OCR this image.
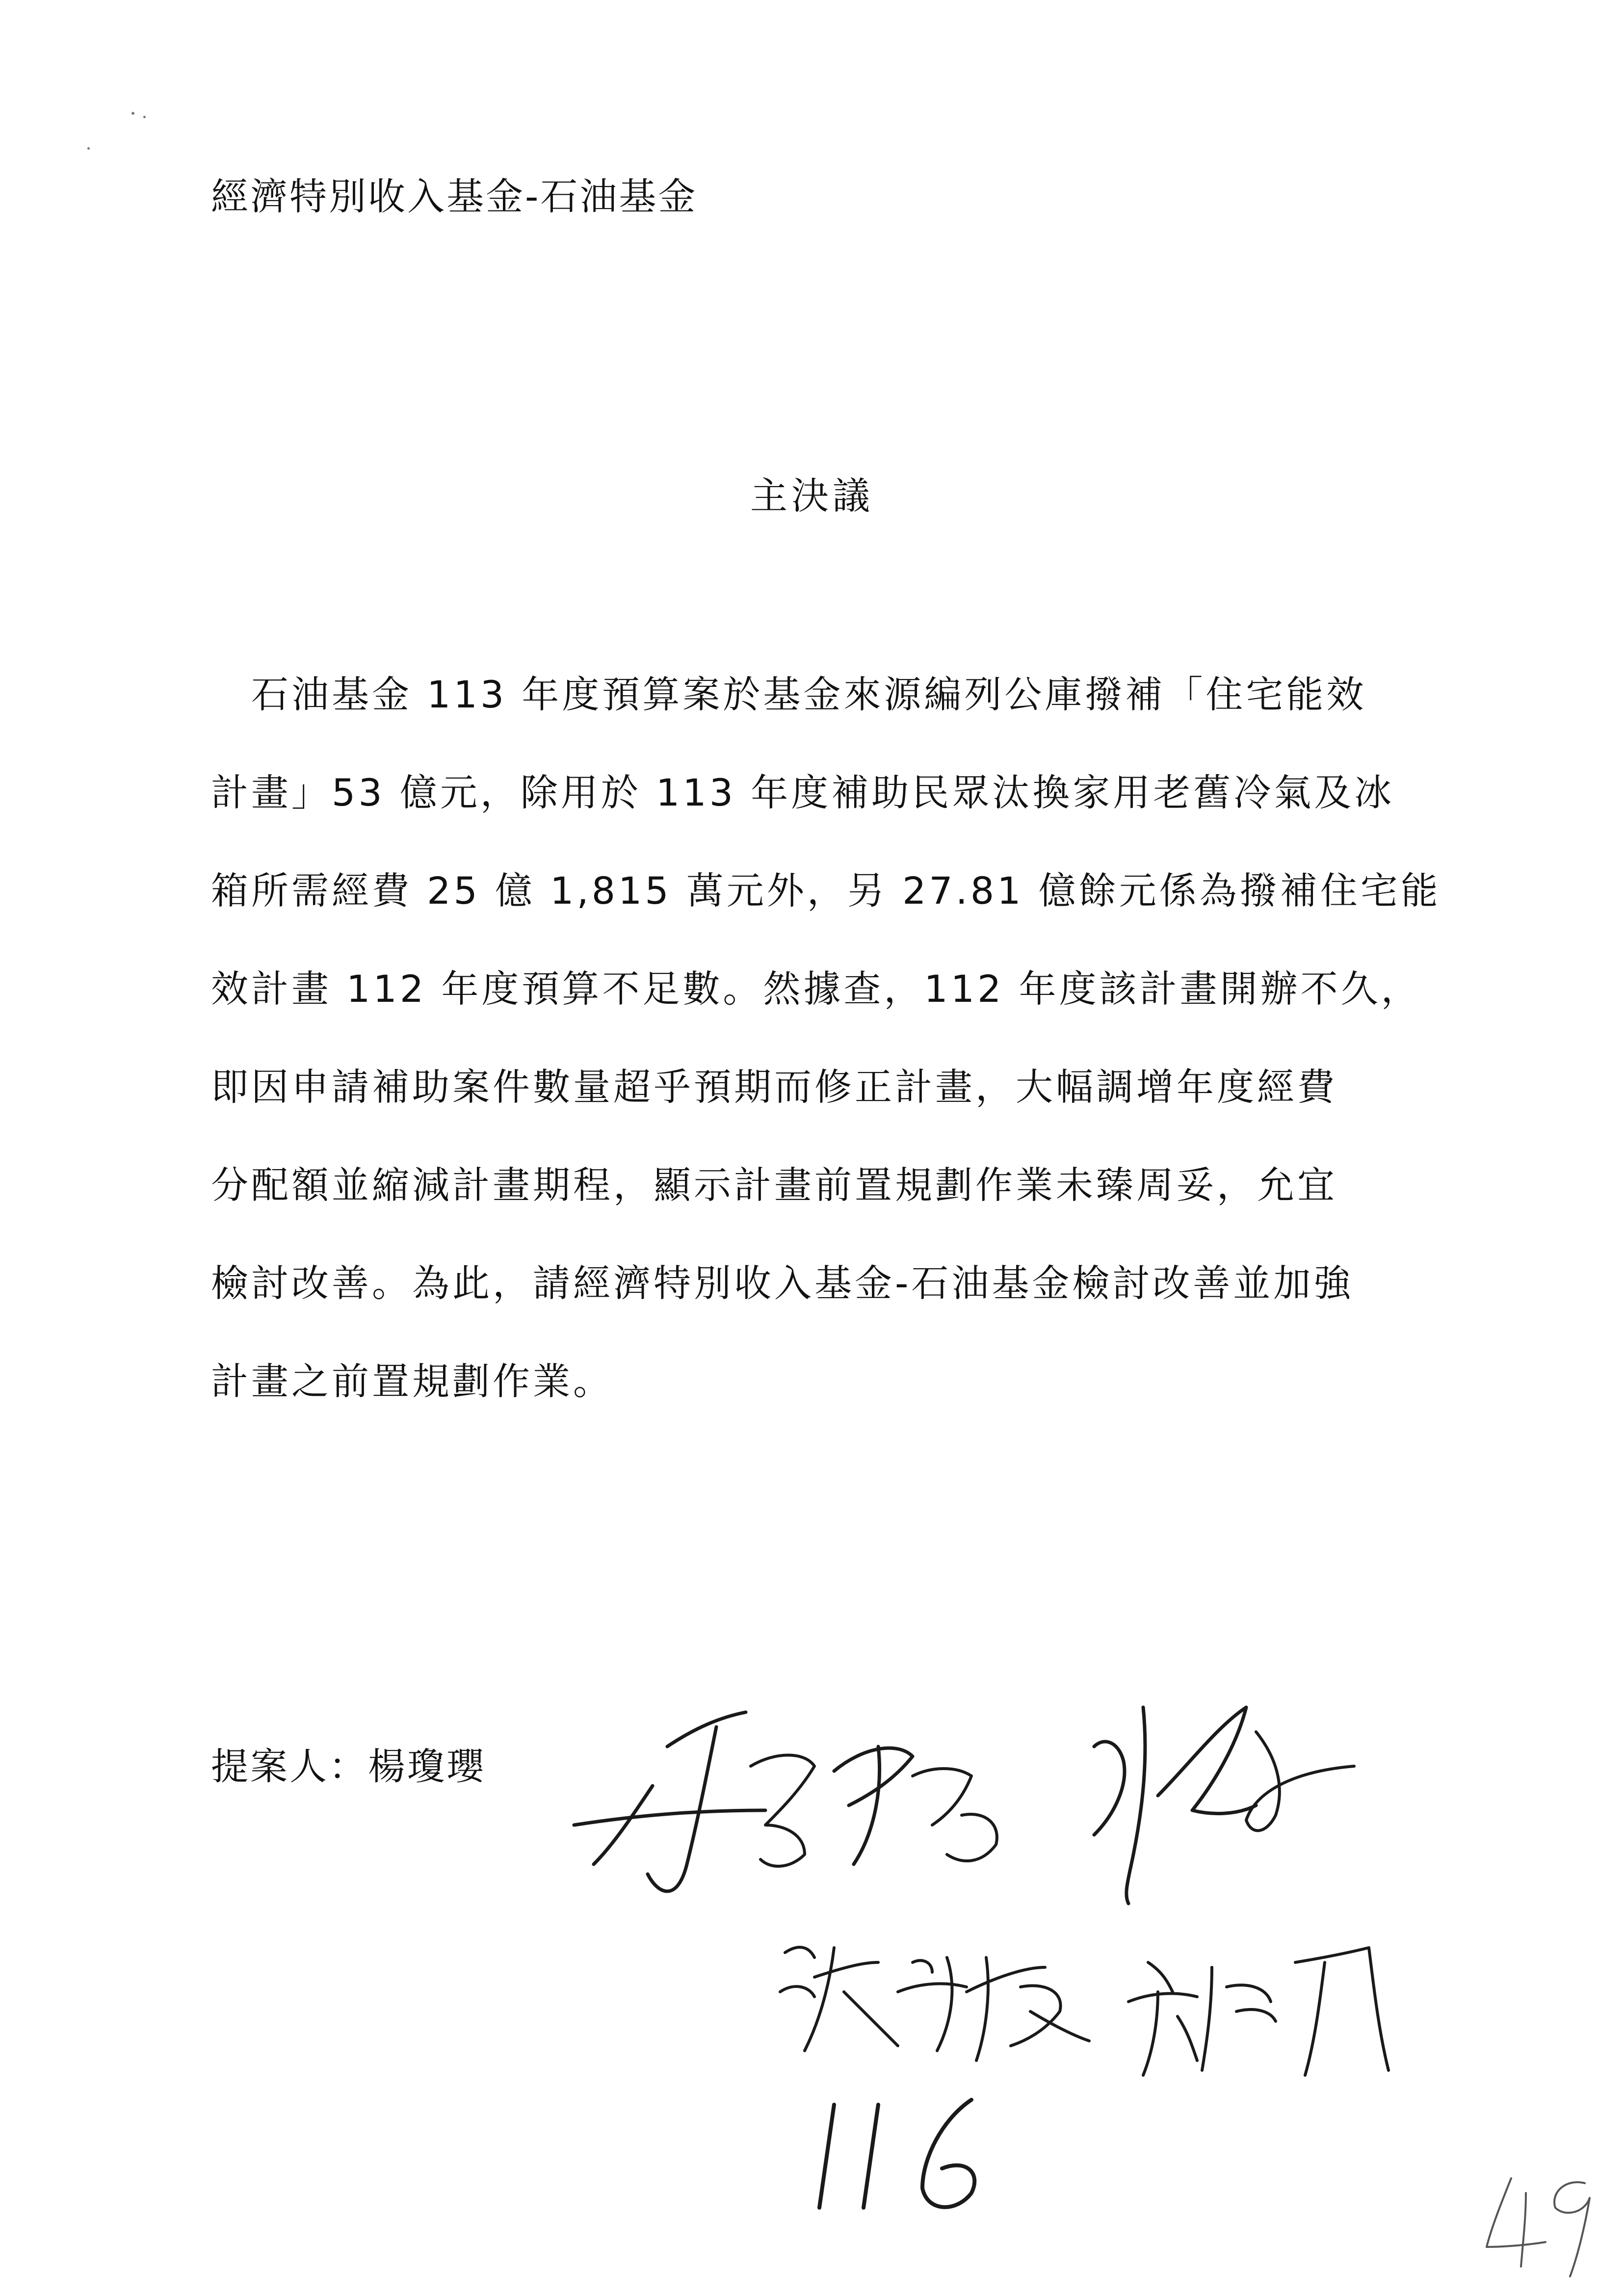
經濟特別收入基金-石油基金
主決議
　石油基金 113 年度預算案於基金來源編列公庫撥補「住宅能效
計畫」53 億元，除用於 113 年度補助民眾汰換家用老舊冷氣及冰
箱所需經費 25 億 1,815 萬元外，另 27.81 億餘元係為撥補住宅能
效計畫 112 年度預算不足數。然據查，112 年度該計畫開辦不久，
即因申請補助案件數量超乎預期而修正計畫，大幅調增年度經費
分配額並縮減計畫期程，顯示計畫前置規劃作業未臻周妥，允宜
檢討改善。為此，請經濟特別收入基金-石油基金檢討改善並加強
計畫之前置規劃作業。
提案人：楊瓊瓔
